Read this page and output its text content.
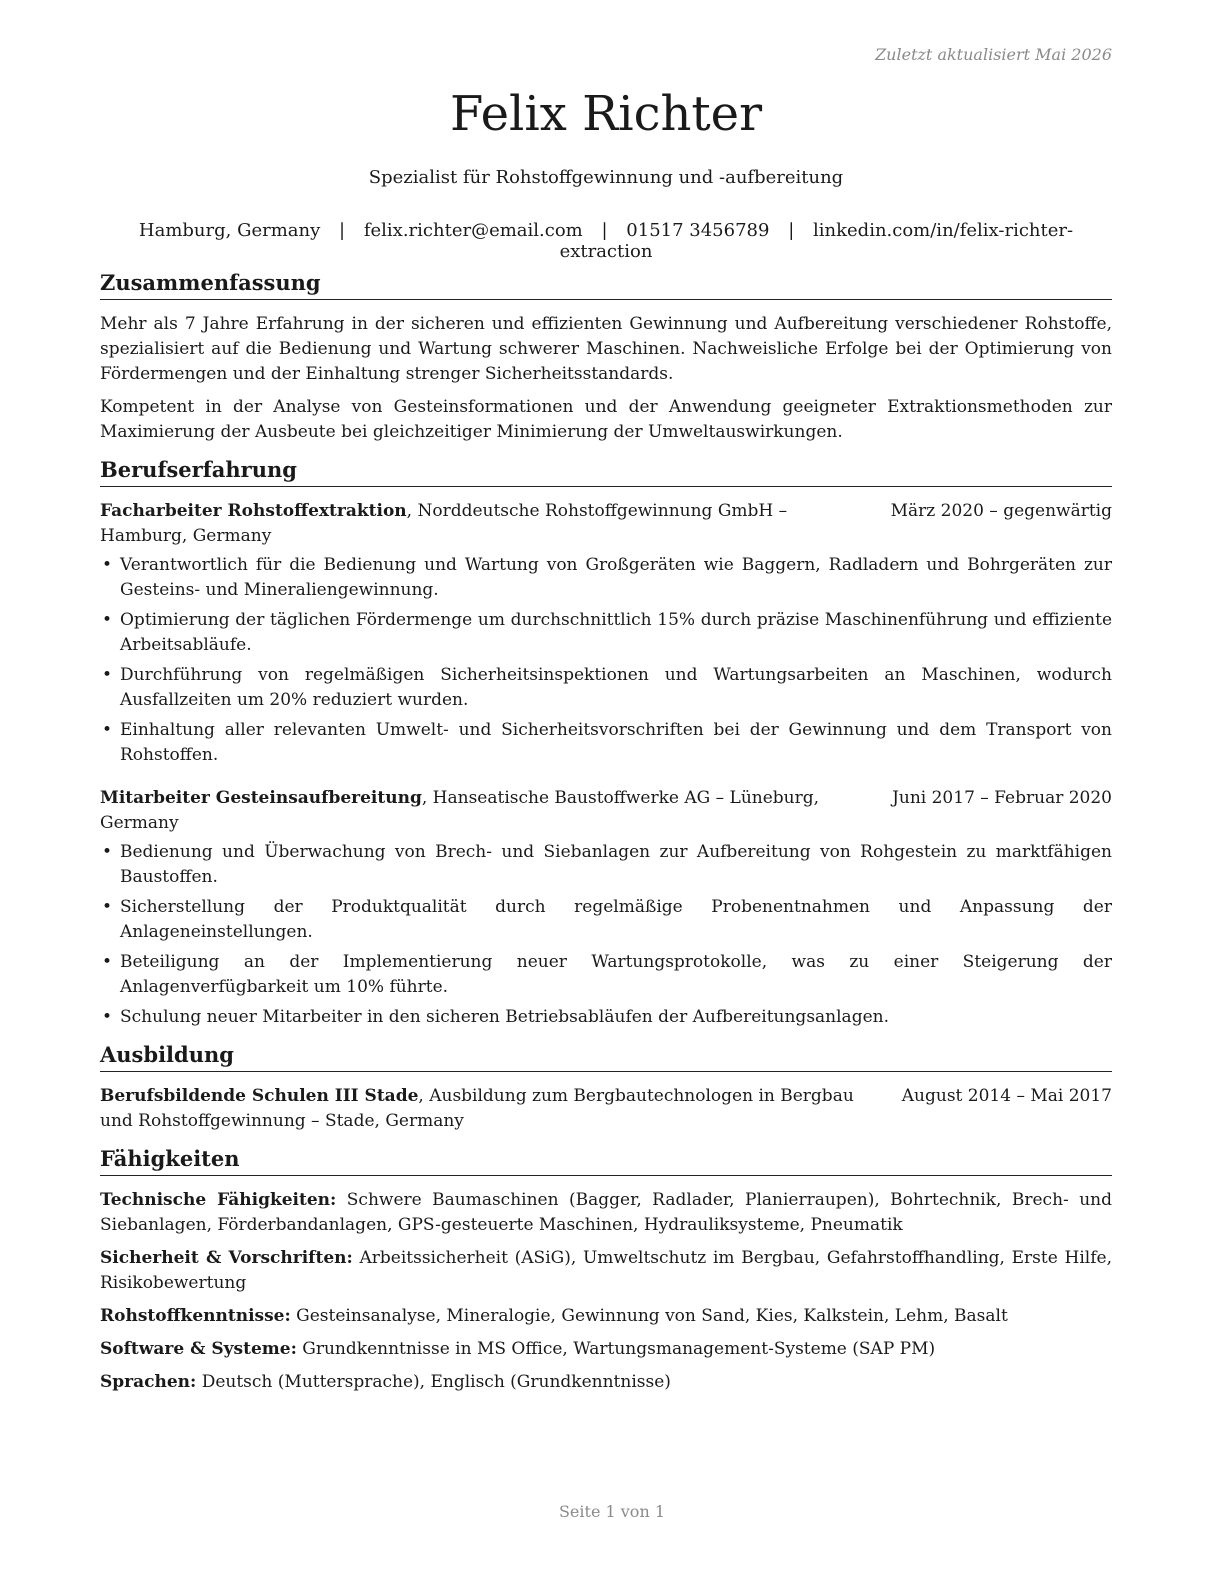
Zuletzt aktualisiert Mai 2026
Felix Richter
Spezialist für Rohstoffgewinnung und -aufbereitung
Hamburg, Germany | felix.richter@email.com | 01517 3456789 | linkedin.com/in/felix-richter-extraction
Zusammenfassung

Mehr als 7 Jahre Erfahrung in der sicheren und effizienten Gewinnung und Aufbereitung verschiedener Rohstoffe, spezialisiert auf die Bedienung und Wartung schwerer Maschinen. Nachweisliche Erfolge bei der Optimierung von Fördermengen und der Einhaltung strenger Sicherheitsstandards.

Kompetent in der Analyse von Gesteinsformationen und der Anwendung geeigneter Extraktionsmethoden zur Maximierung der Ausbeute bei gleichzeitiger Minimierung der Umweltauswirkungen.

Berufserfahrung
Facharbeiter Rohstoffextraktion, Norddeutsche Rohstoffgewinnung GmbH – Hamburg, Germany
März 2020 – gegenwärtig
• Verantwortlich für die Bedienung und Wartung von Großgeräten wie Baggern, Radladern und Bohrgeräten zur Gesteins- und Mineraliengewinnung.
• Optimierung der täglichen Fördermenge um durchschnittlich 15% durch präzise Maschinenführung und effiziente Arbeitsabläufe.
• Durchführung von regelmäßigen Sicherheitsinspektionen und Wartungsarbeiten an Maschinen, wodurch Ausfallzeiten um 20% reduziert wurden.
• Einhaltung aller relevanten Umwelt- und Sicherheitsvorschriften bei der Gewinnung und dem Transport von Rohstoffen.
Mitarbeiter Gesteinsaufbereitung, Hanseatische Baustoffwerke AG – Lüneburg, Germany
Juni 2017 – Februar 2020
• Bedienung und Überwachung von Brech- und Siebanlagen zur Aufbereitung von Rohgestein zu marktfähigen Baustoffen.
• Sicherstellung der Produktqualität durch regelmäßige Probenentnahmen und Anpassung der Anlageneinstellungen.
• Beteiligung an der Implementierung neuer Wartungsprotokolle, was zu einer Steigerung der Anlagenverfügbarkeit um 10% führte.
• Schulung neuer Mitarbeiter in den sicheren Betriebsabläufen der Aufbereitungsanlagen.
Ausbildung
Berufsbildende Schulen III Stade, Ausbildung zum Bergbautechnologen in Bergbau und Rohstoffgewinnung – Stade, Germany
August 2014 – Mai 2017
Fähigkeiten

Technische Fähigkeiten: Schwere Baumaschinen (Bagger, Radlader, Planierraupen), Bohrtechnik, Brech- und Siebanlagen, Förderbandanlagen, GPS-gesteuerte Maschinen, Hydrauliksysteme, Pneumatik

Sicherheit & Vorschriften: Arbeitssicherheit (ASiG), Umweltschutz im Bergbau, Gefahrstoffhandling, Erste Hilfe, Risikobewertung

Rohstoffkenntnisse: Gesteinsanalyse, Mineralogie, Gewinnung von Sand, Kies, Kalkstein, Lehm, Basalt

Software & Systeme: Grundkenntnisse in MS Office, Wartungsmanagement-Systeme (SAP PM)

Sprachen: Deutsch (Muttersprache), Englisch (Grundkenntnisse)

Seite 1 von 1
